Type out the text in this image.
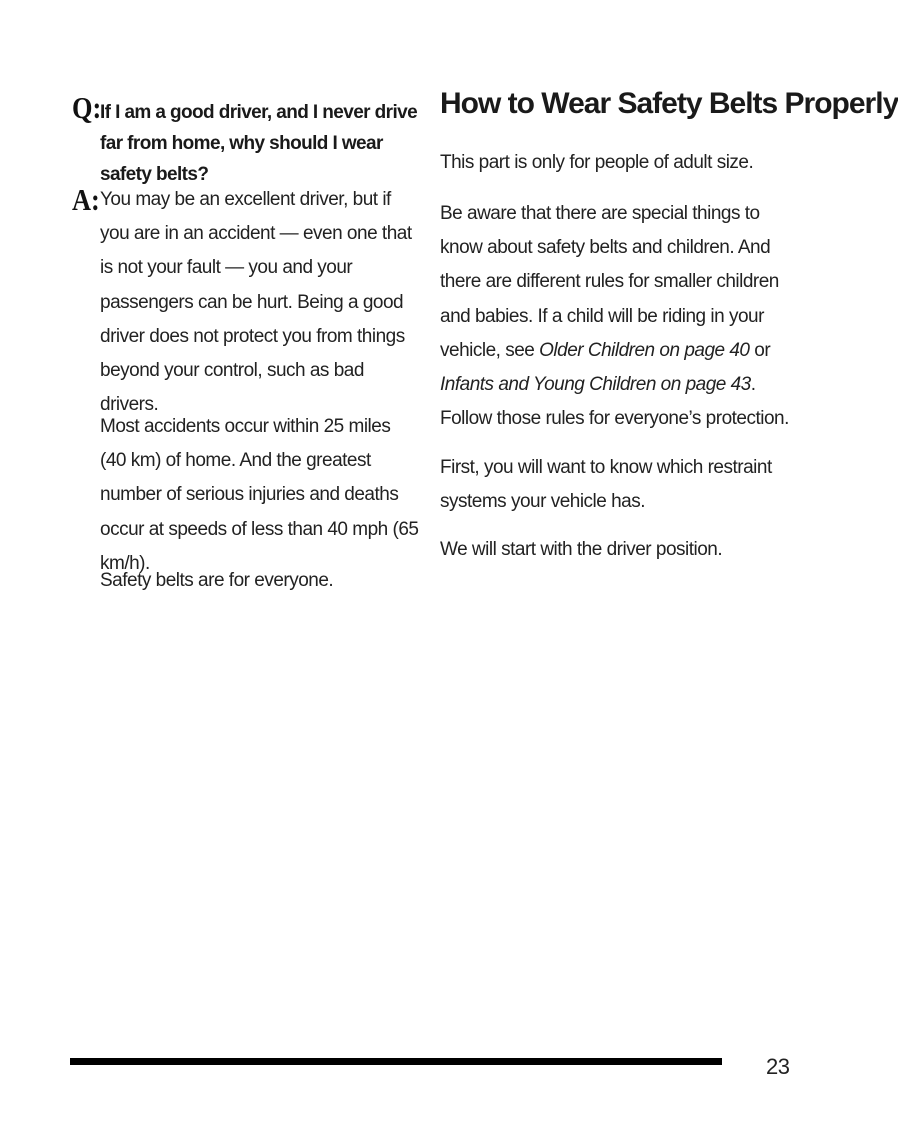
Q:
If I am a good driver, and I never drive far from home, why should I wear safety belts?
A: You may be an excellent driver, but if you are in an accident — even one that is not your fault — you and your passengers can be hurt. Being a good driver does not protect you from things beyond your control, such as bad drivers.

Most accidents occur within 25 miles (40 km) of home. And the greatest number of serious injuries and deaths occur at speeds of less than 40 mph (65 km/h).

Safety belts are for everyone.

How to Wear Safety Belts Properly

This part is only for people of adult size.

Be aware that there are special things to know about safety belts and children. And there are different rules for smaller children and babies. If a child will be riding in your vehicle, see Older Children on page 40 or Infants and Young Children on page 43. Follow those rules for everyone’s protection.

First, you will want to know which restraint systems your vehicle has.

We will start with the driver position.

23
